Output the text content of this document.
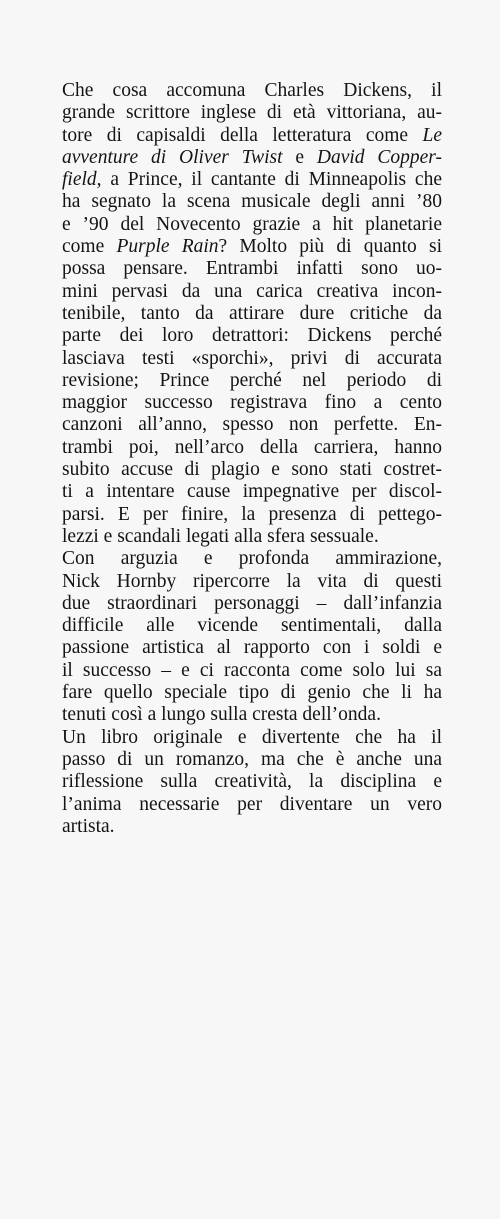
Che cosa accomuna Charles Dickens, il
grande scrittore inglese di età vittoriana, au-
tore di capisaldi della letteratura come Le
avventure di Oliver Twist e David Copper-
field, a Prince, il cantante di Minneapolis che
ha segnato la scena musicale degli anni ’80
e ’90 del Novecento grazie a hit planetarie
come Purple Rain? Molto più di quanto si
possa pensare. Entrambi infatti sono uo-
mini pervasi da una carica creativa incon-
tenibile, tanto da attirare dure critiche da
parte dei loro detrattori: Dickens perché
lasciava testi «sporchi», privi di accurata
revisione; Prince perché nel periodo di
maggior successo registrava fino a cento
canzoni all’anno, spesso non perfette. En-
trambi poi, nell’arco della carriera, hanno
subito accuse di plagio e sono stati costret-
ti a intentare cause impegnative per discol-
parsi. E per finire, la presenza di pettego-
lezzi e scandali legati alla sfera sessuale.
Con arguzia e profonda ammirazione,
Nick Hornby ripercorre la vita di questi
due straordinari personaggi – dall’infanzia
difficile alle vicende sentimentali, dalla
passione artistica al rapporto con i soldi e
il successo – e ci racconta come solo lui sa
fare quello speciale tipo di genio che li ha
tenuti così a lungo sulla cresta dell’onda.
Un libro originale e divertente che ha il
passo di un romanzo, ma che è anche una
riflessione sulla creatività, la disciplina e
l’anima necessarie per diventare un vero
artista.
